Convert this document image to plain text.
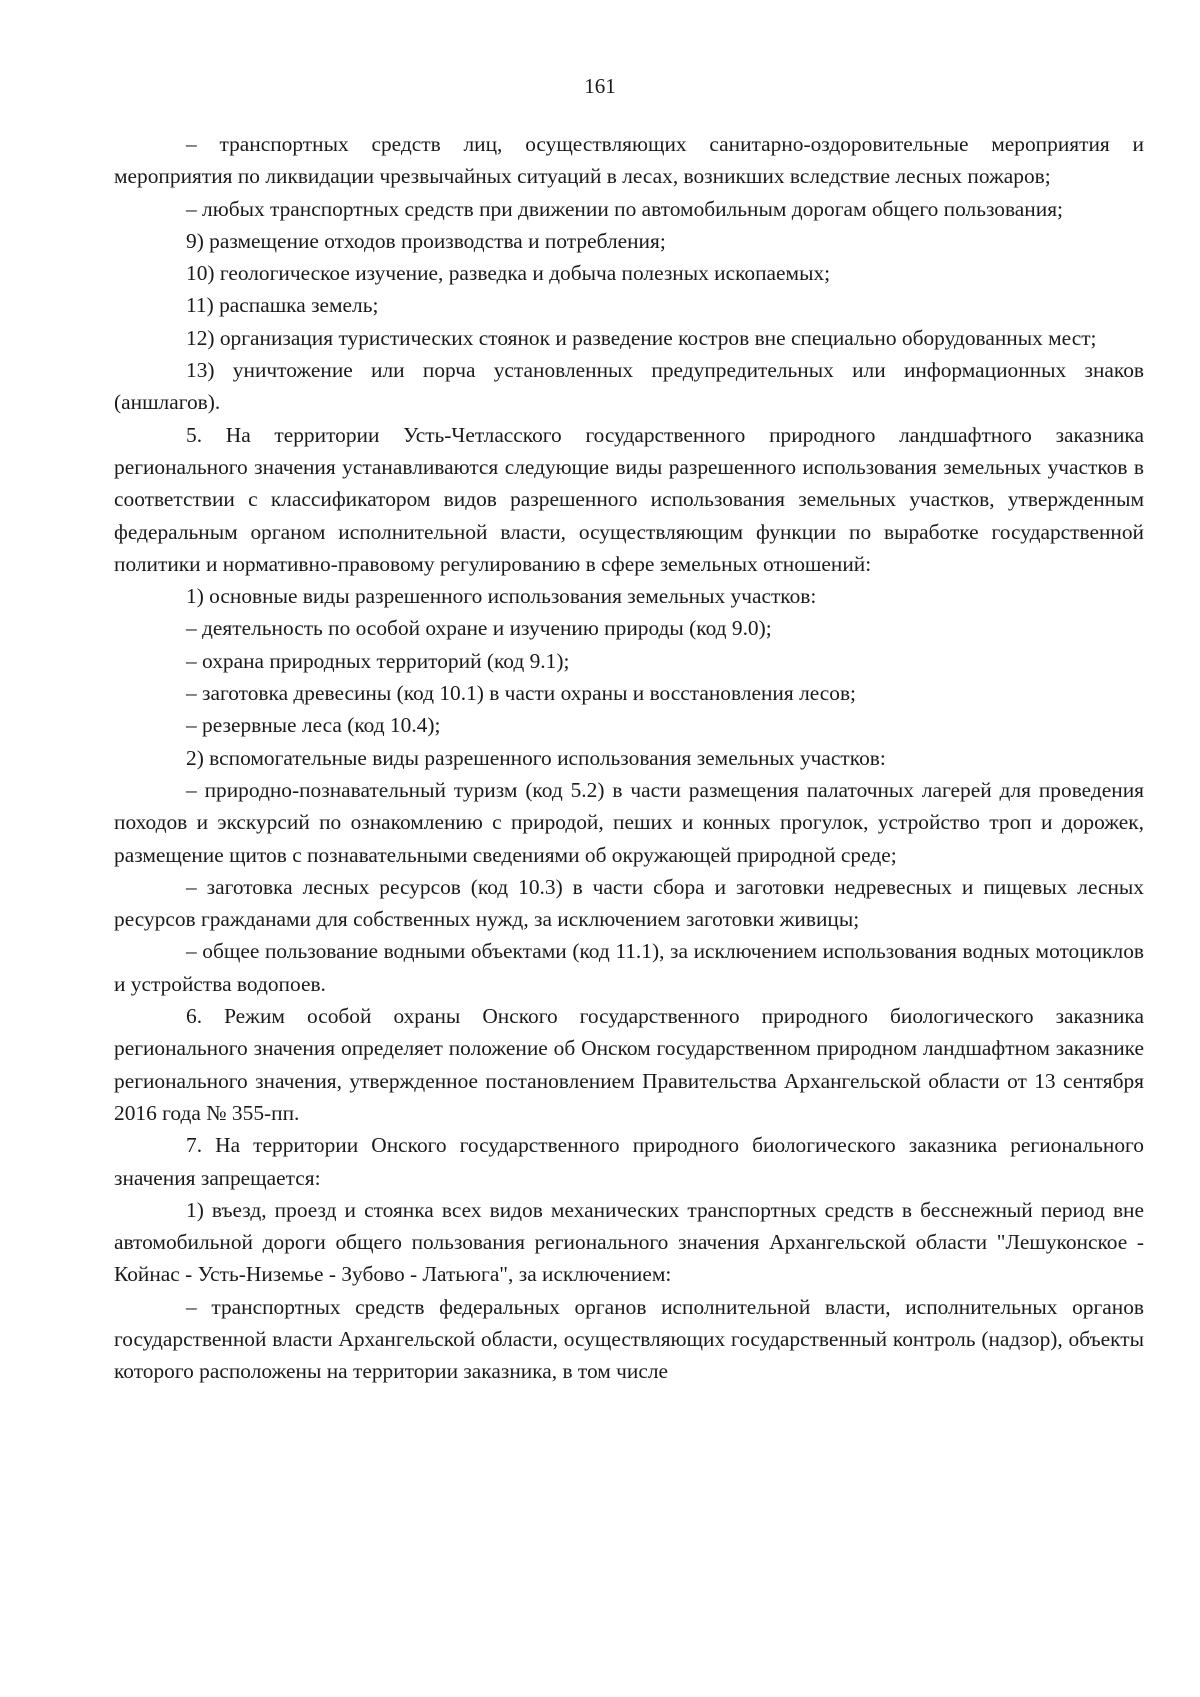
161

– транспортных средств лиц, осуществляющих санитарно-оздоровительные мероприятия и мероприятия по ликвидации чрезвычайных ситуаций в лесах, возникших вследствие лесных пожаров;

– любых транспортных средств при движении по автомобильным дорогам общего пользования;

9) размещение отходов производства и потребления;

10) геологическое изучение, разведка и добыча полезных ископаемых;

11) распашка земель;

12) организация туристических стоянок и разведение костров вне специально оборудованных мест;

13) уничтожение или порча установленных предупредительных или информационных знаков (аншлагов).

5. На территории Усть-Четласского государственного природного ландшафтного заказника регионального значения устанавливаются следующие виды разрешенного использования земельных участков в соответствии с классификатором видов разрешенного использования земельных участков, утвержденным федеральным органом исполнительной власти, осуществляющим функции по выработке государственной политики и нормативно-правовому регулированию в сфере земельных отношений:

1) основные виды разрешенного использования земельных участков:

– деятельность по особой охране и изучению природы (код 9.0);

– охрана природных территорий (код 9.1);

– заготовка древесины (код 10.1) в части охраны и восстановления лесов;

– резервные леса (код 10.4);

2) вспомогательные виды разрешенного использования земельных участков:

– природно-познавательный туризм (код 5.2) в части размещения палаточных лагерей для проведения походов и экскурсий по ознакомлению с природой, пеших и конных прогулок, устройство троп и дорожек, размещение щитов с познавательными сведениями об окружающей природной среде;

– заготовка лесных ресурсов (код 10.3) в части сбора и заготовки недревесных и пищевых лесных ресурсов гражданами для собственных нужд, за исключением заготовки живицы;

– общее пользование водными объектами (код 11.1), за исключением использования водных мотоциклов и устройства водопоев.

6. Режим особой охраны Онского государственного природного биологического заказника регионального значения определяет положение об Онском государственном природном ландшафтном заказнике регионального значения, утвержденное постановлением Правительства Архангельской области от 13 сентября 2016 года № 355-пп.

7. На территории Онского государственного природного биологического заказника регионального значения запрещается:

1) въезд, проезд и стоянка всех видов механических транспортных средств в бесснежный период вне автомобильной дороги общего пользования регионального значения Архангельской области "Лешуконское - Койнас - Усть-Низемье - Зубово - Латьюга", за исключением:

– транспортных средств федеральных органов исполнительной власти, исполнительных органов государственной власти Архангельской области, осуществляющих государственный контроль (надзор), объекты которого расположены на территории заказника, в том числе
